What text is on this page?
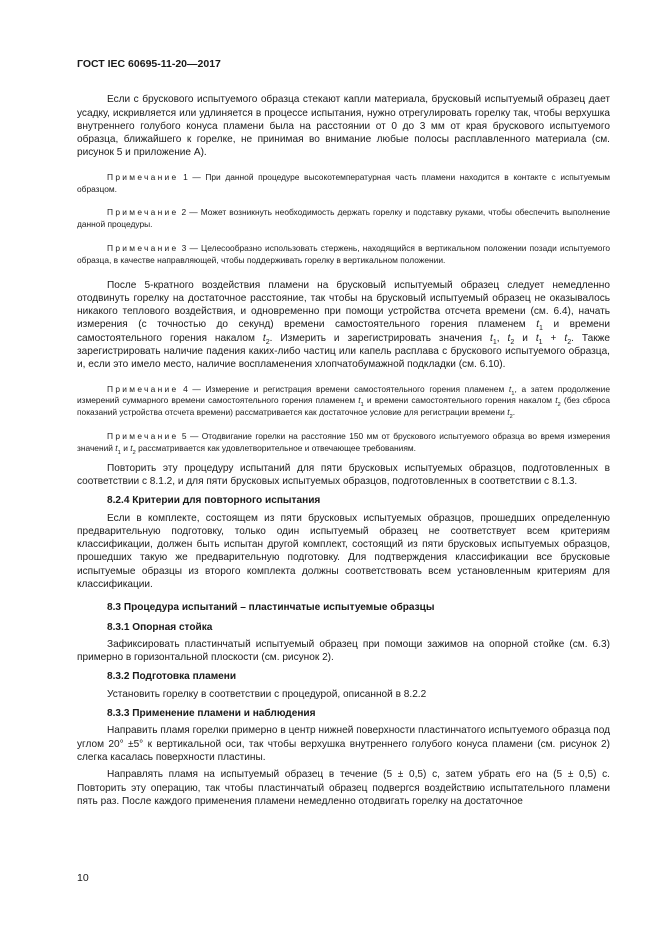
ГОСТ IEC 60695-11-20—2017

Если с брускового испытуемого образца стекают капли материала, брусковый испытуемый образец дает усадку, искривляется или удлиняется в процессе испытания, нужно отрегулировать горелку так, чтобы верхушка внутреннего голубого конуса пламени была на расстоянии от 0 до 3 мм от края брускового испытуемого образца, ближайшего к горелке, не принимая во внимание любые полосы расплавленного материала (см. рисунок 5 и приложение А).

Примечание 1 — При данной процедуре высокотемпературная часть пламени находится в контакте с испытуемым образцом.

Примечание 2 — Может возникнуть необходимость держать горелку и подставку руками, чтобы обеспечить выполнение данной процедуры.

Примечание 3 — Целесообразно использовать стержень, находящийся в вертикальном положении позади испытуемого образца, в качестве направляющей, чтобы поддерживать горелку в вертикальном положении.

После 5-кратного воздействия пламени на брусковый испытуемый образец следует немедленно отодвинуть горелку на достаточное расстояние, так чтобы на брусковый испытуемый образец не оказывалось никакого теплового воздействия, и одновременно при помощи устройства отсчета времени (см. 6.4), начать измерения (с точностью до секунд) времени самостоятельного горения пламенем $t_1$ и времени самостоятельного горения накалом $t_2$. Измерить и зарегистрировать значения $t_1$, $t_2$ и $t_1 + t_2$. Также зарегистрировать наличие падения каких-либо частиц или капель расплава с брускового испытуемого образца, и, если это имело место, наличие воспламенения хлопчатобумажной подкладки (см. 6.10).

Примечание 4 — Измерение и регистрация времени самостоятельного горения пламенем $t_1$, а затем продолжение измерений суммарного времени самостоятельного горения пламенем $t_1$ и времени самостоятельного горения накалом $t_2$ (без сброса показаний устройства отсчета времени) рассматривается как достаточное условие для регистрации времени $t_2$.

Примечание 5 — Отодвигание горелки на расстояние 150 мм от брускового испытуемого образца во время измерения значений $t_1$ и $t_2$ рассматривается как удовлетворительное и отвечающее требованиям.

Повторить эту процедуру испытаний для пяти брусковых испытуемых образцов, подготовленных в соответствии с 8.1.2, и для пяти брусковых испытуемых образцов, подготовленных в соответствии с 8.1.3.

8.2.4 Критерии для повторного испытания

Если в комплекте, состоящем из пяти брусковых испытуемых образцов, прошедших определенную предварительную подготовку, только один испытуемый образец не соответствует всем критериям классификации, должен быть испытан другой комплект, состоящий из пяти брусковых испытуемых образцов, прошедших такую же предварительную подготовку. Для подтверждения классификации все брусковые испытуемые образцы из второго комплекта должны соответствовать всем установленным критериям для классификации.

8.3 Процедура испытаний – пластинчатые испытуемые образцы
8.3.1 Опорная стойка

Зафиксировать пластинчатый испытуемый образец при помощи зажимов на опорной стойке (см. 6.3) примерно в горизонтальной плоскости (см. рисунок 2).

8.3.2 Подготовка пламени

Установить горелку в соответствии с процедурой, описанной в 8.2.2

8.3.3 Применение пламени и наблюдения

Направить пламя горелки примерно в центр нижней поверхности пластинчатого испытуемого образца под углом 20° ±5° к вертикальной оси, так чтобы верхушка внутреннего голубого конуса пламени (см. рисунок 2) слегка касалась поверхности пластины.

Направлять пламя на испытуемый образец в течение (5 ± 0,5) с, затем убрать его на (5 ± 0,5) с. Повторить эту операцию, так чтобы пластинчатый образец подвергся воздействию испытательного пламени пять раз. После каждого применения пламени немедленно отодвигать горелку на достаточное

10
